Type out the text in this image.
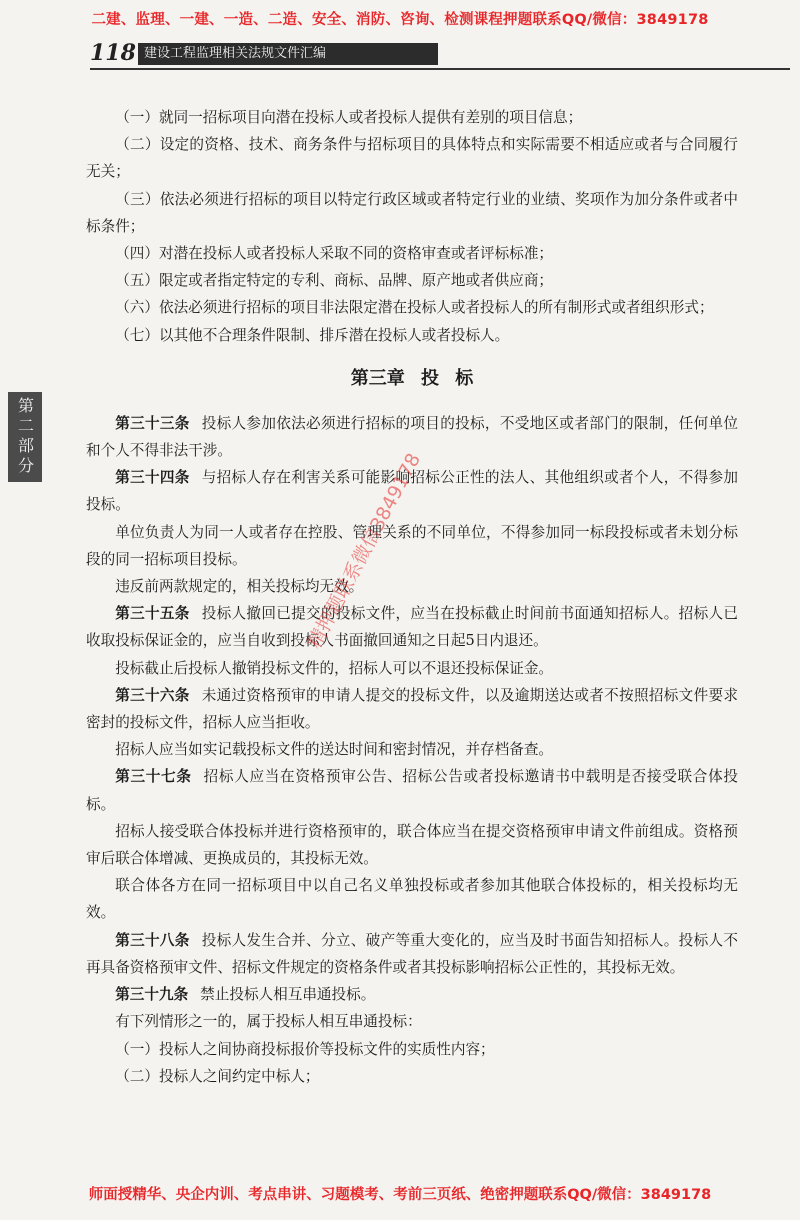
二建、监理、一建、一造、二造、安全、消防、咨询、检测课程押题联系QQ/微信：3849178
118 建设工程监理相关法规文件汇编
第二部分

（一）就同一招标项目向潜在投标人或者投标人提供有差别的项目信息；

（二）设定的资格、技术、商务条件与招标项目的具体特点和实际需要不相适应或者与合同履行无关；

（三）依法必须进行招标的项目以特定行政区域或者特定行业的业绩、奖项作为加分条件或者中标条件；

（四）对潜在投标人或者投标人采取不同的资格审查或者评标标准；

（五）限定或者指定特定的专利、商标、品牌、原产地或者供应商；

（六）依法必须进行招标的项目非法限定潜在投标人或者投标人的所有制形式或者组织形式；

（七）以其他不合理条件限制、排斥潜在投标人或者投标人。

第三章 投 标

第三十三条 投标人参加依法必须进行招标的项目的投标，不受地区或者部门的限制，任何单位和个人不得非法干涉。

第三十四条 与招标人存在利害关系可能影响招标公正性的法人、其他组织或者个人，不得参加投标。

单位负责人为同一人或者存在控股、管理关系的不同单位，不得参加同一标段投标或者未划分标段的同一招标项目投标。

违反前两款规定的，相关投标均无效。

第三十五条 投标人撤回已提交的投标文件，应当在投标截止时间前书面通知招标人。招标人已收取投标保证金的，应当自收到投标人书面撤回通知之日起5日内退还。

投标截止后投标人撤销投标文件的，招标人可以不退还投标保证金。

第三十六条 未通过资格预审的申请人提交的投标文件，以及逾期送达或者不按照招标文件要求密封的投标文件，招标人应当拒收。

招标人应当如实记载投标文件的送达时间和密封情况，并存档备查。

第三十七条 招标人应当在资格预审公告、招标公告或者投标邀请书中载明是否接受联合体投标。

招标人接受联合体投标并进行资格预审的，联合体应当在提交资格预审申请文件前组成。资格预审后联合体增减、更换成员的，其投标无效。

联合体各方在同一招标项目中以自己名义单独投标或者参加其他联合体投标的，相关投标均无效。

第三十八条 投标人发生合并、分立、破产等重大变化的，应当及时书面告知招标人。投标人不再具备资格预审文件、招标文件规定的资格条件或者其投标影响招标公正性的，其投标无效。

第三十九条 禁止投标人相互串通投标。

有下列情形之一的，属于投标人相互串通投标：

（一）投标人之间协商投标报价等投标文件的实质性内容；

（二）投标人之间约定中标人；

精押题联系微信3849178
师面授精华、央企内训、考点串讲、习题模考、考前三页纸、绝密押题联系QQ/微信：3849178
